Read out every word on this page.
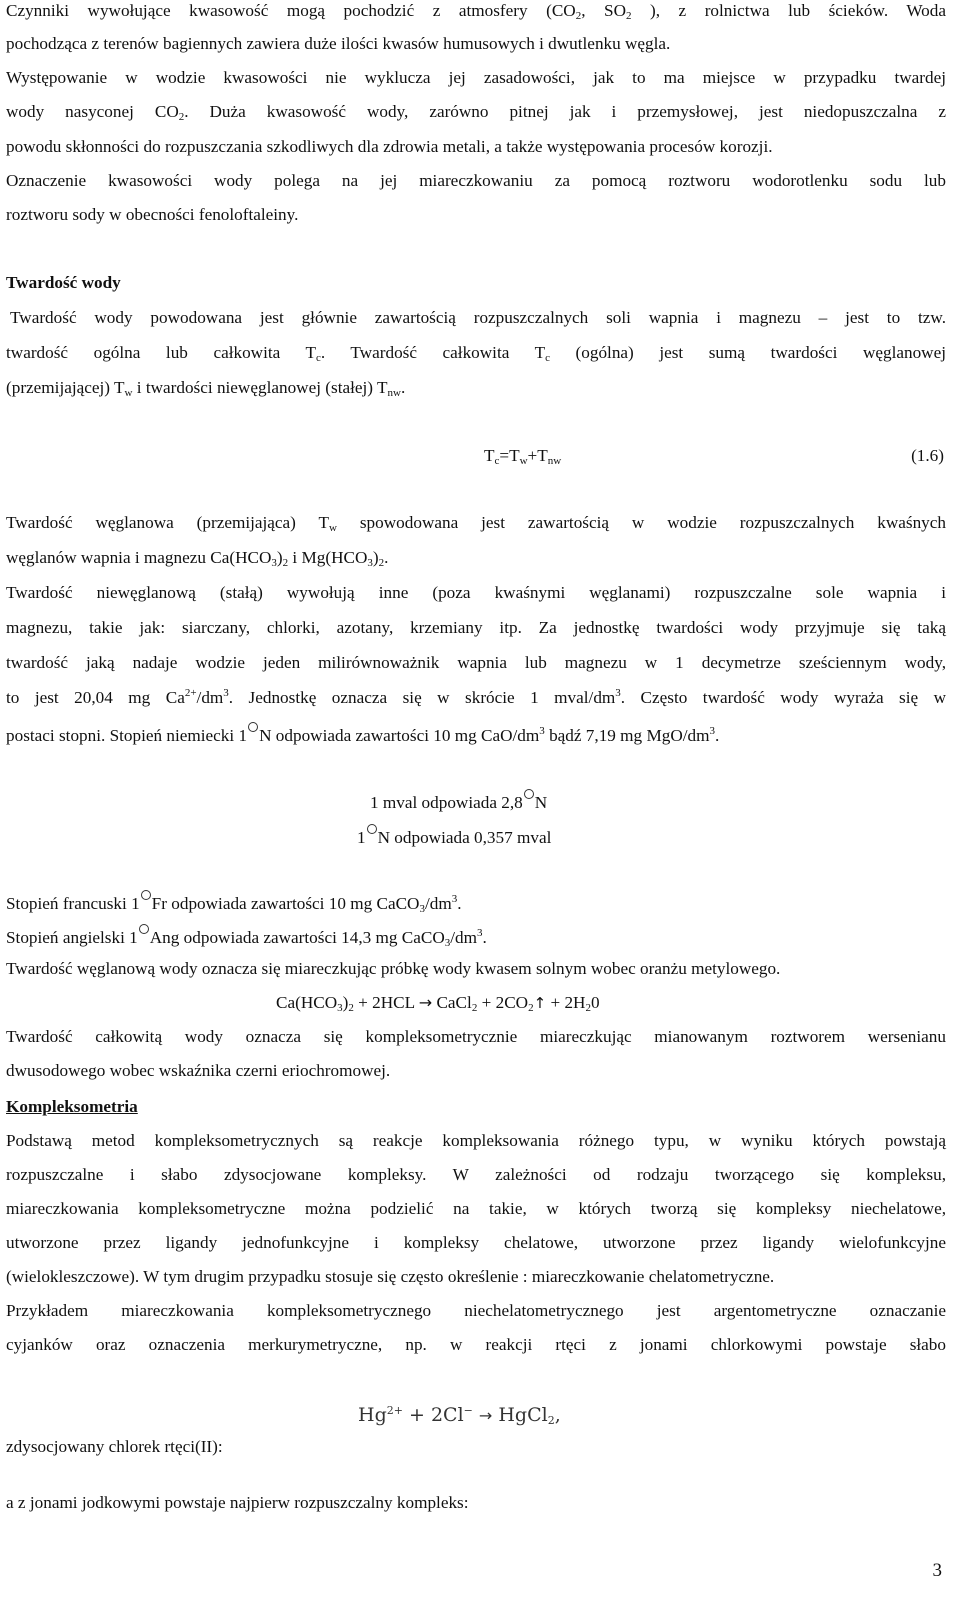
Czynniki wywołujące kwasowość mogą pochodzić z atmosfery ($CO_2$, $SO_2$ ), z rolnictwa lub ścieków. Woda
pochodząca z terenów bagiennych zawiera duże ilości kwasów humusowych i dwutlenku węgla.
Występowanie w wodzie kwasowości nie wyklucza jej zasadowości, jak to ma miejsce w przypadku twardej
wody nasyconej $CO_2$. Duża kwasowość wody, zarówno pitnej jak i przemysłowej, jest niedopuszczalna z
powodu skłonności do rozpuszczania szkodliwych dla zdrowia metali, a także występowania procesów korozji.
Oznaczenie kwasowości wody polega na jej miareczkowaniu za pomocą roztworu wodorotlenku sodu lub
roztworu sody w obecności fenoloftaleiny.
Twardość wody
Twardość wody powodowana jest głównie zawartością rozpuszczalnych soli wapnia i magnezu – jest to tzw.
twardość ogólna lub całkowita $T_c$. Twardość całkowita $T_c$ (ogólna) jest sumą twardości węglanowej
(przemijającej) $T_w$ i twardości niewęglanowej (stałej) $T_{nw}$.
$T_c=T_w+T_{nw}$	(1.6)
Twardość węglanowa (przemijająca) $T_w$ spowodowana jest zawartością w wodzie rozpuszczalnych kwaśnych
węglanów wapnia i magnezu $Ca(HCO_3)_2$ i $Mg(HCO_3)_2$.
Twardość niewęglanową (stałą) wywołują inne (poza kwaśnymi węglanami) rozpuszczalne sole wapnia i
magnezu, takie jak: siarczany, chlorki, azotany, krzemiany itp. Za jednostkę twardości wody przyjmuje się taką
twardość jaką nadaje wodzie jeden milirównoważnik wapnia lub magnezu w 1 decymetrze sześciennym wody,
to jest 20,04 mg $Ca^{2+}/dm^3$. Jednostkę oznacza się w skrócie 1 mval/$dm^3$. Często twardość wody wyraża się w
postaci stopni. Stopień niemiecki 1 N odpowiada zawartości 10 mg CaO/$dm^3$ bądź 7,19 mg MgO/$dm^3$.
1 mval odpowiada 2,8 N
1 N odpowiada 0,357 mval
Stopień francuski 1 Fr odpowiada zawartości 10 mg $CaCO_3/dm^3$.
Stopień angielski 1 Ang odpowiada zawartości 14,3 mg $CaCO_3/dm^3$.
Twardość węglanową wody oznacza się miareczkując próbkę wody kwasem solnym wobec oranżu metylowego.
$Ca(HCO_3)_2 + 2HCL$ → CaCl$_2$ + $2CO_2↑ + 2H_20$
Twardość całkowitą wody oznacza się kompleksometrycznie miareczkując mianowanym roztworem wersenianu
dwusodowego wobec wskaźnika czerni eriochromowej.
Kompleksometria
Podstawą metod kompleksometrycznych są reakcje kompleksowania różnego typu, w wyniku których powstają
rozpuszczalne i słabo zdysocjowane kompleksy. W zależności od rodzaju tworzącego się kompleksu,
miareczkowania kompleksometryczne można podzielić na takie, w których tworzą się kompleksy niechelatowe,
utworzone przez ligandy jednofunkcyjne i kompleksy chelatowe, utworzone przez ligandy wielofunkcyjne
(wielokleszczowe). W tym drugim przypadku stosuje się często określenie : miareczkowanie chelatometryczne.
Przykładem miareczkowania kompleksometrycznego niechelatometrycznego jest argentometryczne oznaczanie
cyjanków oraz oznaczenia merkurymetryczne, np. w reakcji rtęci z jonami chlorkowymi powstaje słabo
$Hg^{2+} + 2Cl^-$ → HgCl$_2$,
zdysocjowany chlorek rtęci(II):
a z jonami jodkowymi powstaje najpierw rozpuszczalny kompleks:
3
